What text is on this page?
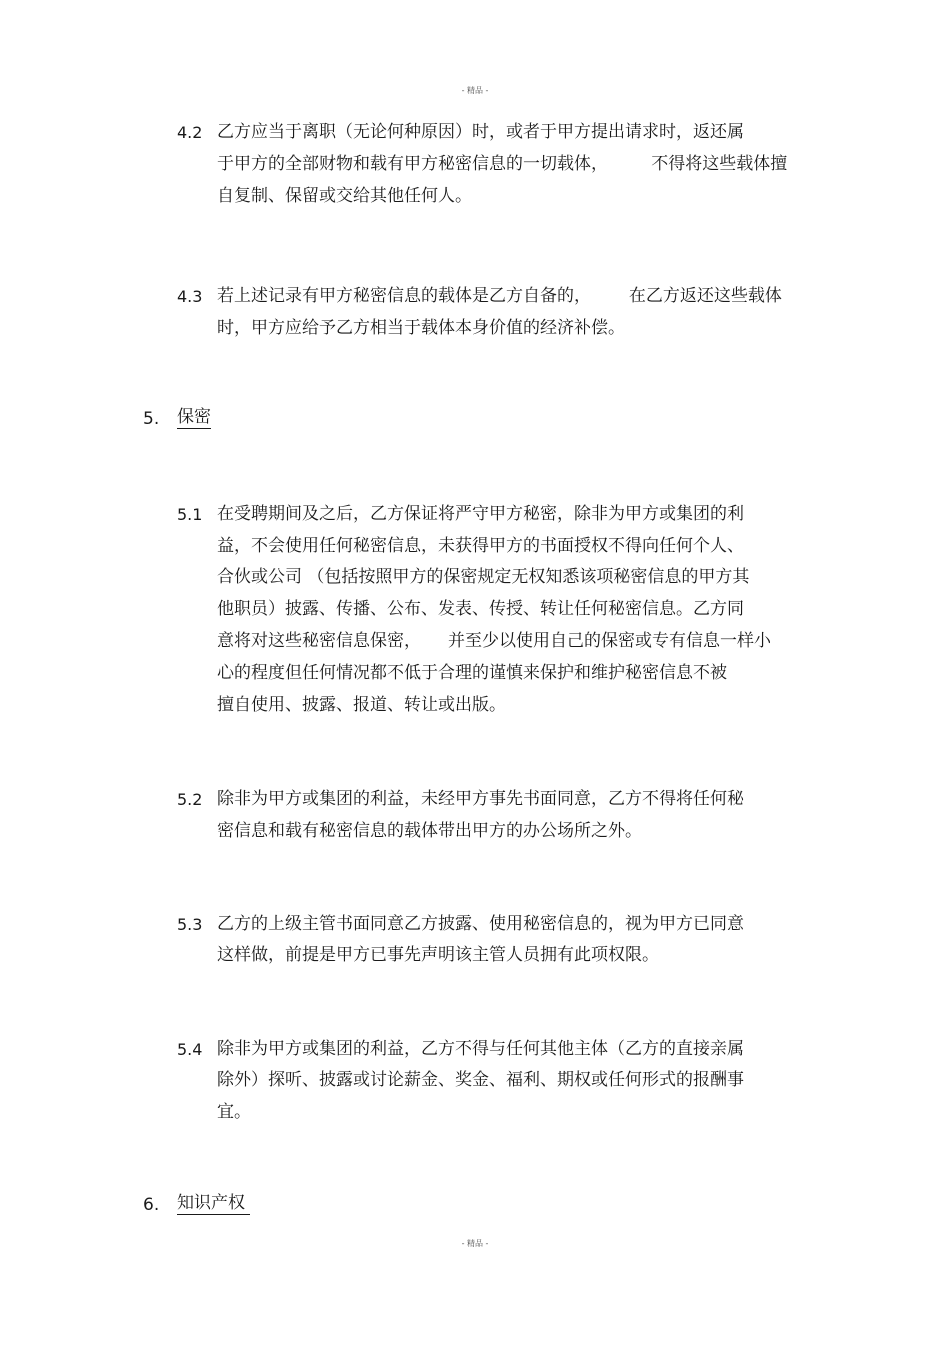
- 精品 -
4.2 乙方应当于离职（无论何种原因）时，或者于甲方提出请求时，返还属
于甲方的全部财物和载有甲方秘密信息的一切载体，        不得将这些载体擅
自复制、保留或交给其他任何人。
4.3 若上述记录有甲方秘密信息的载体是乙方自备的，       在乙方返还这些载体
时，甲方应给予乙方相当于载体本身价值的经济补偿。
5. 保密
5.1 在受聘期间及之后，乙方保证将严守甲方秘密，除非为甲方或集团的利
益，不会使用任何秘密信息，未获得甲方的书面授权不得向任何个人、
合伙或公司 （包括按照甲方的保密规定无权知悉该项秘密信息的甲方其
他职员）披露、传播、公布、发表、传授、转让任何秘密信息。乙方同
意将对这些秘密信息保密，     并至少以使用自己的保密或专有信息一样小
心的程度但任何情况都不低于合理的谨慎来保护和维护秘密信息不被
擅自使用、披露、报道、转让或出版。
5.2 除非为甲方或集团的利益，未经甲方事先书面同意，乙方不得将任何秘
密信息和载有秘密信息的载体带出甲方的办公场所之外。
5.3 乙方的上级主管书面同意乙方披露、使用秘密信息的，视为甲方已同意
这样做，前提是甲方已事先声明该主管人员拥有此项权限。
5.4 除非为甲方或集团的利益，乙方不得与任何其他主体（乙方的直接亲属
除外）探听、披露或讨论薪金、奖金、福利、期权或任何形式的报酬事
宜。
6. 知识产权
- 精品 -
